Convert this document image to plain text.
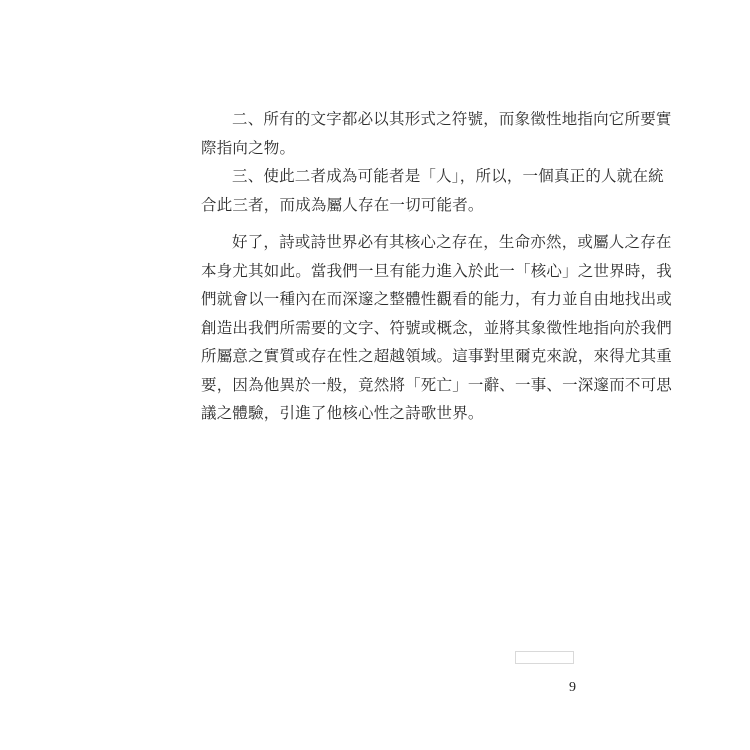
二、所有的文字都必以其形式之符號，而象徵性地指向它所要實
際指向之物。
三、使此二者成為可能者是「人」，所以，一個真正的人就在統
合此三者，而成為屬人存在一切可能者。
好了，詩或詩世界必有其核心之存在，生命亦然，或屬人之存在
本身尤其如此。當我們一旦有能力進入於此一「核心」之世界時，我
們就會以一種內在而深邃之整體性觀看的能力，有力並自由地找出或
創造出我們所需要的文字、符號或概念，並將其象徵性地指向於我們
所屬意之實質或存在性之超越領域。這事對里爾克來說，來得尤其重
要，因為他異於一般，竟然將「死亡」一辭、一事、一深邃而不可思
議之體驗，引進了他核心性之詩歌世界。
9
